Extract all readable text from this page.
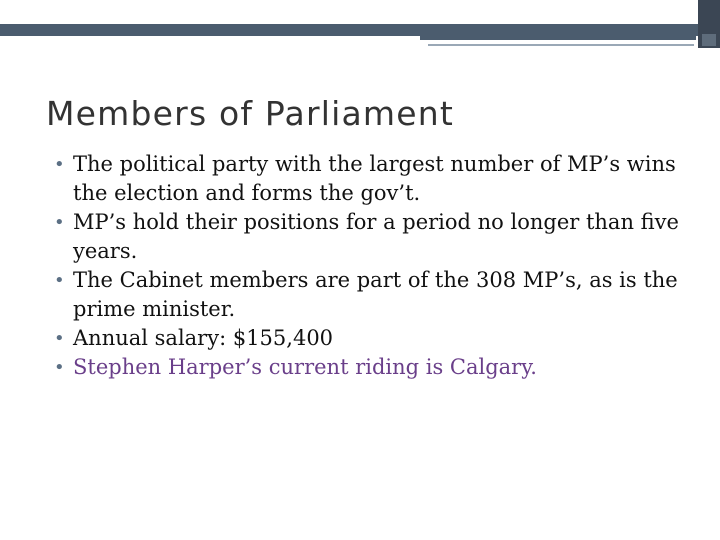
Members of Parliament
• The political party with the largest number of MP’s wins the election and forms the gov’t.
• MP’s hold their positions for a period no longer than five years.
• The Cabinet members are part of the 308 MP’s, as is the prime minister.
• Annual salary: $155,400
• Stephen Harper’s current riding is Calgary.
